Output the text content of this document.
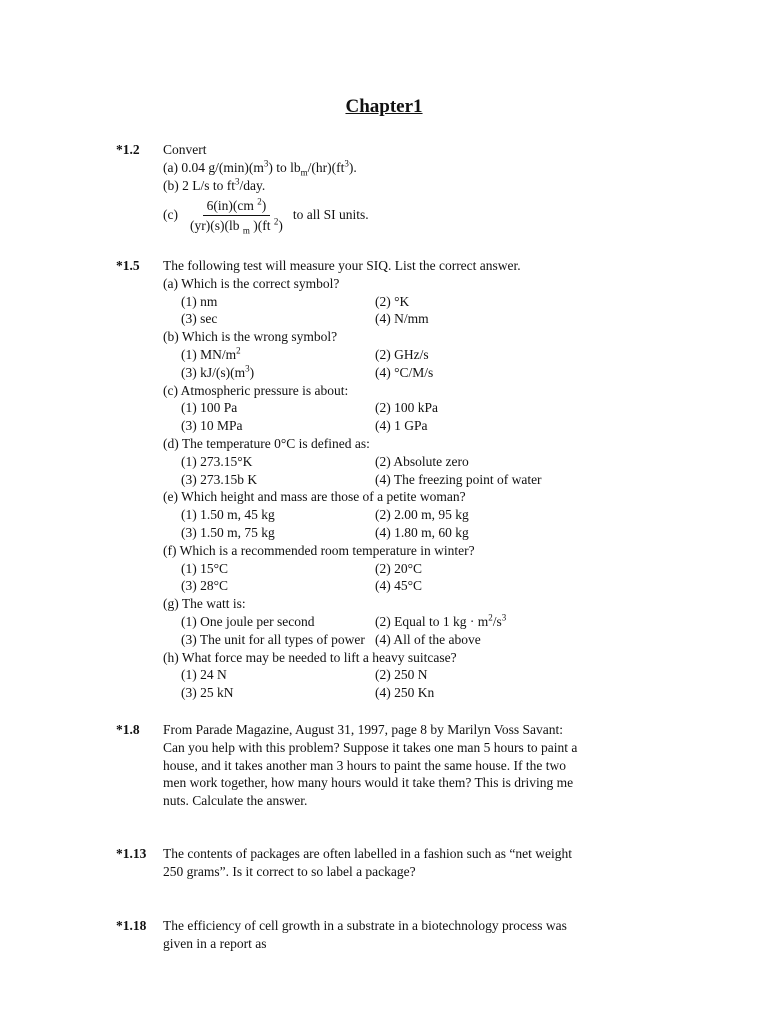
Chapter1
*1.2	Convert
(a) 0.04 $g/(\min)(m^3)$ to $lb_m/(hr)(ft^3)$.
(b) 2 L/s to $ft^3$/day.
$(c) \frac{6(in)(cm ^2)}{(yr)(s)(lb _m )(ft ^2)}$ to all SI units.
*1.5	The following test will measure your SIQ. List the correct answer.
(a) Which is the correct symbol?
(1) nm	(2) °K
(3) sec	(4) N/mm
(b) Which is the wrong symbol?
(1) $MN/m^2$	(2) GHz/s
(3) $kJ/(s)(m^3)$	(4) °C/M/s
(c) Atmospheric pressure is about:
(1) 100 Pa	(2) 100 kPa
(3) 10 MPa	(4) 1 GPa
(d) The temperature 0°C is defined as:
(1) 273.15°K	(2) Absolute zero
(3) 273.15b K	(4) The freezing point of water
(e) Which height and mass are those of a petite woman?
(1) 1.50 m, 45 kg	(2) 2.00 m, 95 kg
(3) 1.50 m, 75 kg	(4) 1.80 m, 60 kg
(f) Which is a recommended room temperature in winter?
(1) 15°C	(2) 20°C
(3) 28°C	(4) 45°C
(g) The watt is:
(1) One joule per second	(2) Equal to 1 kg · $m^2/s^3$
(3) The unit for all types of power (4) All of the above
(h) What force may be needed to lift a heavy suitcase?
(1) 24 N	(2) 250 N
(3) 25 kN	(4) 250 Kn
*1.8	From Parade Magazine, August 31, 1997, page 8 by Marilyn Voss Savant:
Can you help with this problem? Suppose it takes one man 5 hours to paint a
house, and it takes another man 3 hours to paint the same house. If the two
men work together, how many hours would it take them? This is driving me
nuts. Calculate the answer.
*1.13	The contents of packages are often labelled in a fashion such as “net weight
250 grams”. Is it correct to so label a package?
*1.18	The efficiency of cell growth in a substrate in a biotechnology process was
given in a report as
